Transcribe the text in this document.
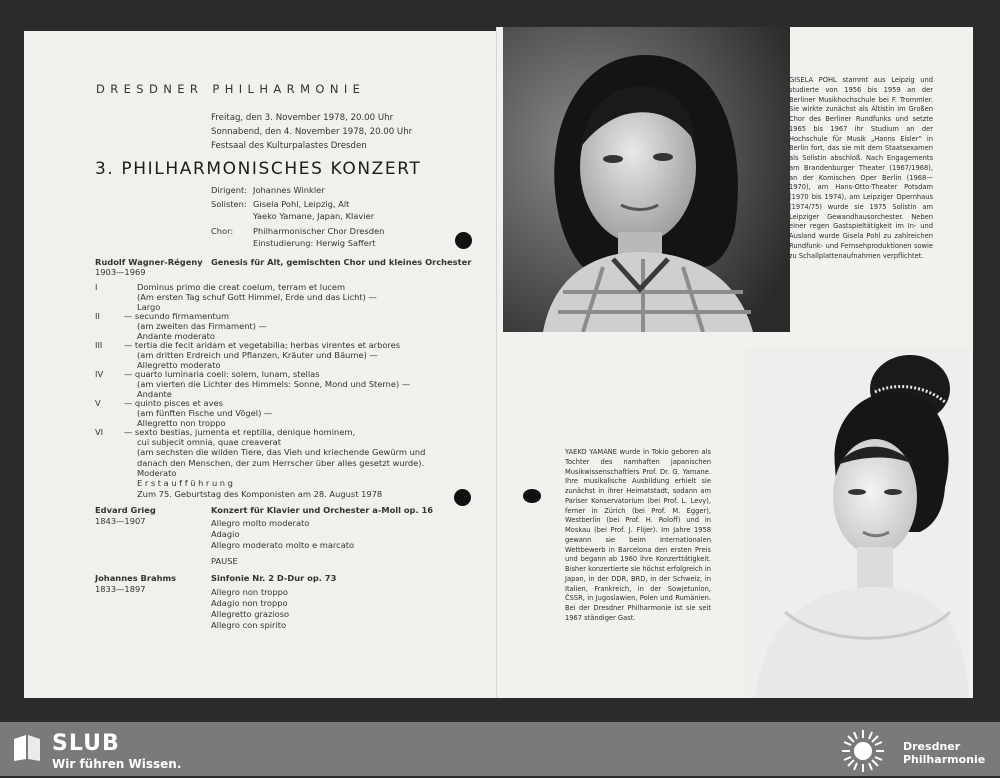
DRESDNER PHILHARMONIE
Freitag, den 3. November 1978, 20.00 Uhr
Sonnabend, den 4. November 1978, 20.00 Uhr
Festsaal des Kulturpalastes Dresden
3. PHILHARMONISCHES KONZERT
Dirigent: Johannes Winkler
Solisten: Gisela Pohl, Leipzig, Alt
Yaeko Yamane, Japan, Klavier
Chor: Philharmonischer Chor Dresden
Einstudierung: Herwig Saffert
Rudolf Wagner-Régeny
1903—1969
Genesis für Alt, gemischten Chor und kleines Orchester
I	Dominus primo die creat coelum, terram et lucem
(Am ersten Tag schuf Gott Himmel, Erde und das Licht) —
Largo
II	— secundo firmamentum
(am zweiten das Firmament) —
Andante moderato
III	— tertia die fecit aridam et vegetabilia; herbas virentes et arbores
(am dritten Erdreich und Pflanzen, Kräuter und Bäume) —
Allegretto moderato
IV	— quarto luminaria coeli: solem, lunam, stellas
(am vierten die Lichter des Himmels: Sonne, Mond und Sterne) —
Andante
V	— quinto pisces et aves
(am fünften Fische und Vögel) —
Allegretto non troppo
VI	— sexto bestias, jumenta et reptilia, denique hominem,
cui subjecit omnia, quae creaverat
(am sechsten die wilden Tiere, das Vieh und kriechende Gewürm und
danach den Menschen, der zum Herrscher über alles gesetzt wurde).
Moderato
Erstaufführung
Zum 75. Geburtstag des Komponisten am 28. August 1978
Edvard Grieg
1843—1907
Konzert für Klavier und Orchester a-Moll op. 16
Allegro molto moderato
Adagio
Allegro moderato molto e marcato
PAUSE
Johannes Brahms
1833—1897
Sinfonie Nr. 2 D-Dur op. 73
Allegro non troppo
Adagio non troppo
Allegretto grazioso
Allegro con spirito
GISELA POHL stammt aus Leipzig und studierte von 1956 bis 1959 an der Berliner Musikhochschule bei F. Trommler. Sie wirkte zunächst als Altistin im Großen Chor des Berliner Rundfunks und setzte 1965 bis 1967 ihr Studium an der Hochschule für Musik „Hanns Eisler“ in Berlin fort, das sie mit dem Staatsexamen als Solistin abschloß. Nach Engagements am Brandenburger Theater (1967/1968), an der Komischen Oper Berlin (1968—1970), am Hans-Otto-Theater Potsdam (1970 bis 1974), am Leipziger Opernhaus (1974/75) wurde sie 1975 Solistin am Leipziger Gewandhausorchester. Neben einer regen Gastspieltätigkeit im In- und Ausland wurde Gisela Pohl zu zahlreichen Rundfunk- und Fernsehproduktionen sowie zu Schallplattenaufnahmen verpflichtet.
YAEKO YAMANE wurde in Tokio geboren als Tochter des namhaften japanischen Musikwissenschaftlers Prof. Dr. G. Yamane. Ihre musikalische Ausbildung erhielt sie zunächst in ihrer Heimatstadt, sodann am Pariser Konservatorium (bei Prof. L. Levy), ferner in Zürich (bei Prof. M. Egger), Westberlin (bei Prof. H. Roloff) und in Moskau (bei Prof. J. Flijer). Im Jahre 1958 gewann sie beim Internationalen Wettbewerb in Barcelona den ersten Preis und begann ab 1960 ihre Konzerttätigkeit. Bisher konzertierte sie höchst erfolgreich in Japan, in der DDR, BRD, in der Schweiz, in Italien, Frankreich, in der Sowjetunion, ČSSR, in Jugoslawien, Polen und Rumänien. Bei der Dresdner Philharmonie ist sie seit 1967 ständiger Gast.
SLUB
Wir führen Wissen.
Dresdner
Philharmonie
